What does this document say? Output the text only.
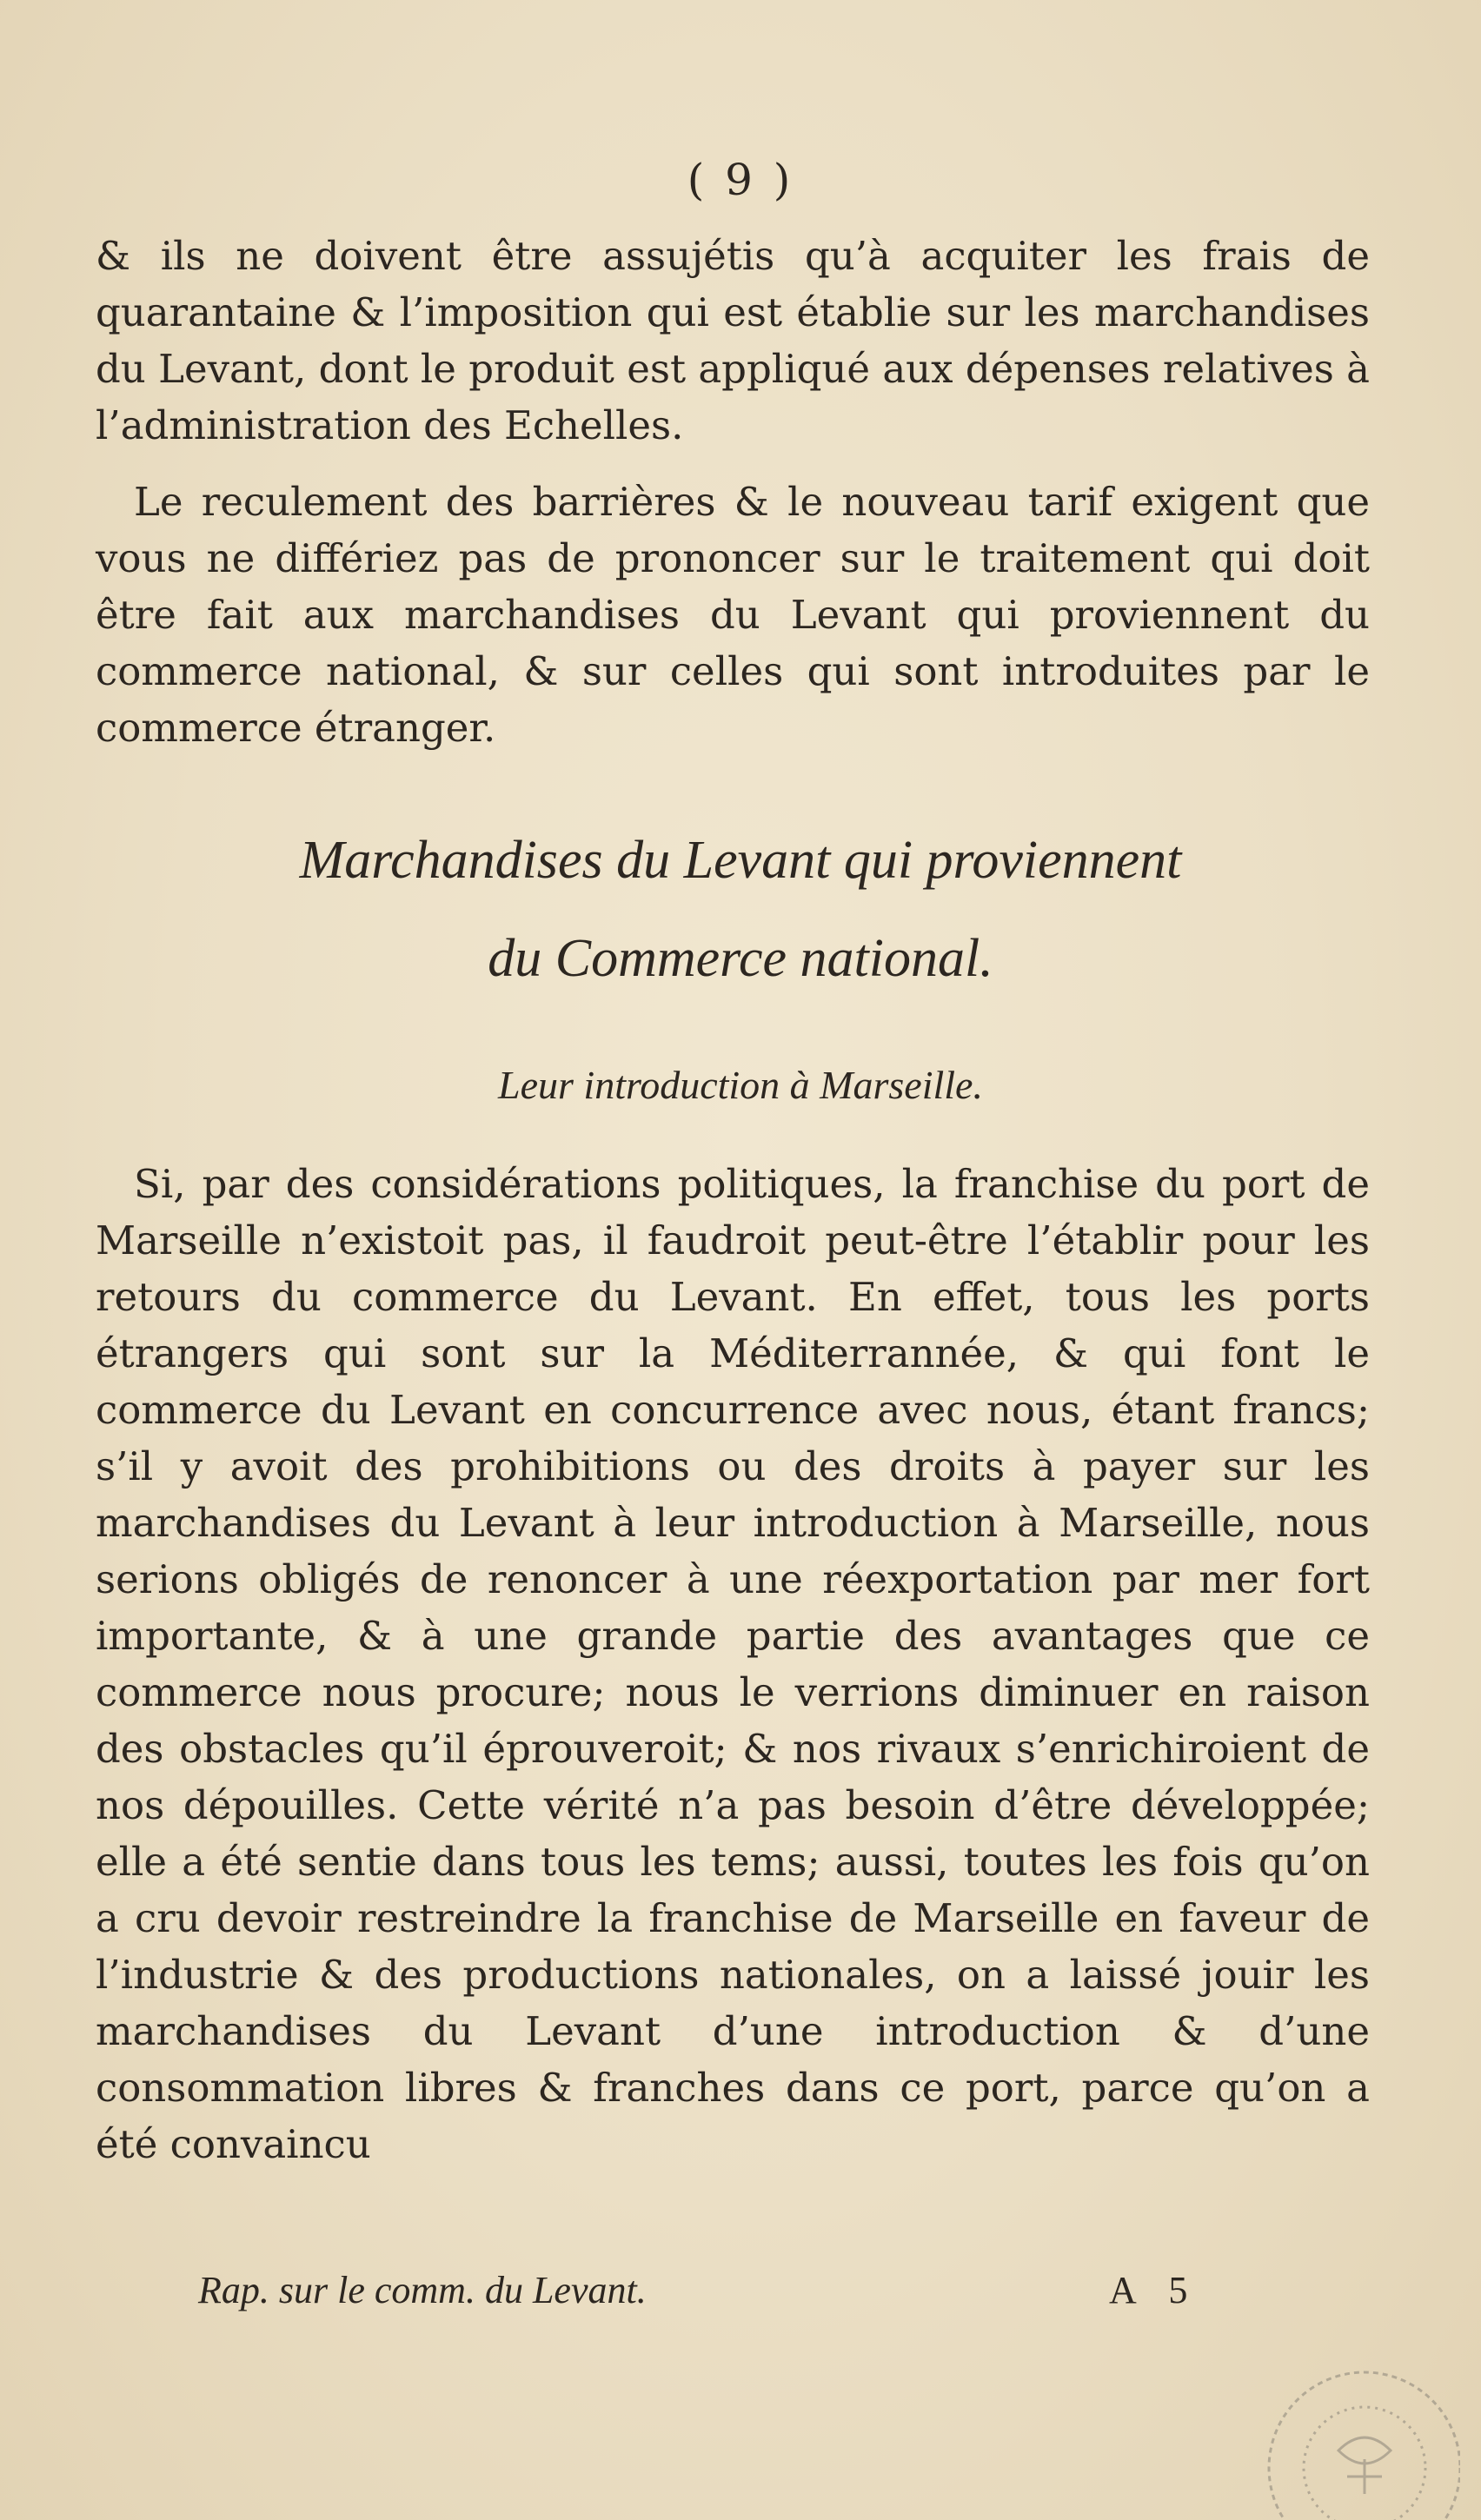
( 9 )

& ils ne doivent être assujétis qu’à acquiter les frais de quarantaine & l’imposition qui est établie sur les marchandises du Levant, dont le produit est appliqué aux dépenses relatives à l’administration des Echelles.

Le reculement des barrières & le nouveau tarif exigent que vous ne différiez pas de prononcer sur le traitement qui doit être fait aux marchandises du Levant qui proviennent du commerce national, & sur celles qui sont introduites par le commerce étranger.

Marchandises du Levant qui proviennent
du Commerce national.
Leur introduction à Marseille.

Si, par des considérations politiques, la franchise du port de Marseille n’existoit pas, il faudroit peut-être l’établir pour les retours du commerce du Levant. En effet, tous les ports étrangers qui sont sur la Méditerrannée, & qui font le commerce du Levant en concurrence avec nous, étant francs; s’il y avoit des prohibitions ou des droits à payer sur les marchandises du Levant à leur introduction à Marseille, nous serions obligés de renoncer à une réexportation par mer fort importante, & à une grande partie des avantages que ce commerce nous procure; nous le verrions diminuer en raison des obstacles qu’il éprouveroit; & nos rivaux s’enrichiroient de nos dépouilles. Cette vérité n’a pas besoin d’être développée; elle a été sentie dans tous les tems; aussi, toutes les fois qu’on a cru devoir restreindre la franchise de Marseille en faveur de l’industrie & des productions nationales, on a laissé jouir les marchandises du Levant d’une introduction & d’une consommation libres & franches dans ce port, parce qu’on a été convaincu

Rap. sur le comm. du Levant.	A 5
